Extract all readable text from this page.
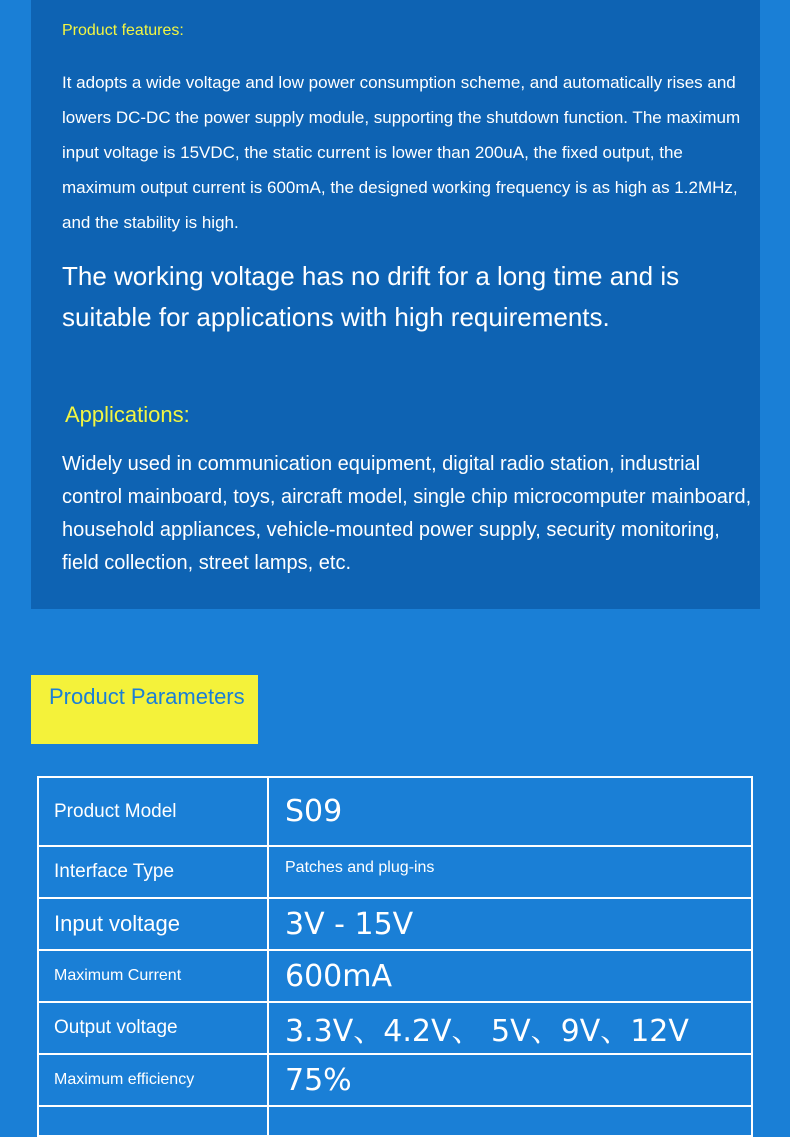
Product features:
It adopts a wide voltage and low power consumption scheme, and automatically rises and lowers DC-DC the power supply module, supporting the shutdown function. The maximum input voltage is 15VDC, the static current is lower than 200uA, the fixed output, the maximum output current is 600mA, the designed working frequency is as high as 1.2MHz, and the stability is high.
The working voltage has no drift for a long time and is suitable for applications with high requirements.
Applications:
Widely used in communication equipment, digital radio station, industrial control mainboard, toys, aircraft model, single chip microcomputer mainboard, household appliances, vehicle-mounted power supply, security monitoring, field collection, street lamps, etc.
Product Parameters
Product Model	S09
Interface Type	Patches and plug-ins
Input voltage	3V - 15V
Maximum Current	600mA
Output voltage	3.3V、4.2V、 5V、9V、12V
Maximum efficiency	75%
